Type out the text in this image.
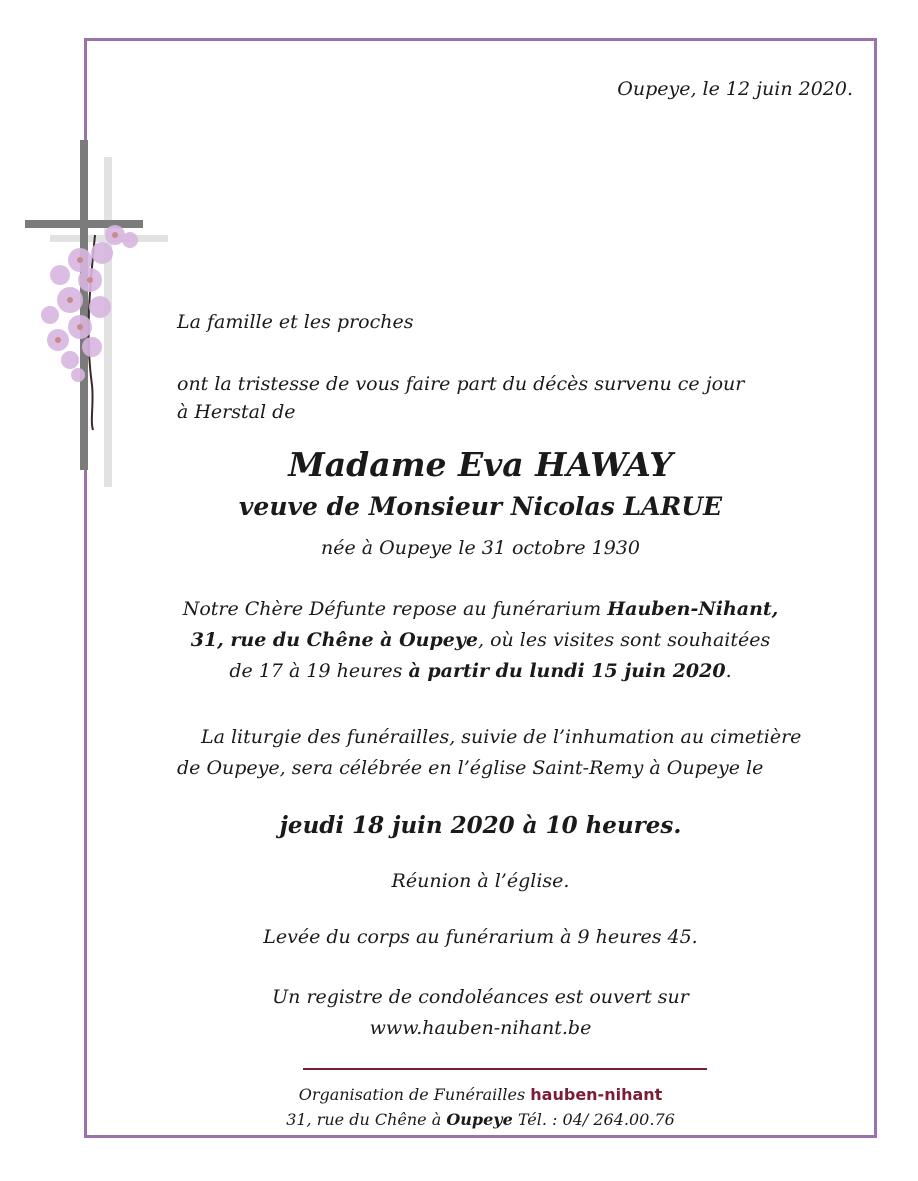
Oupeye, le 12 juin 2020.
La famille et les proches
ont la tristesse de vous faire part du décès survenu ce jour
à Herstal de
Madame Eva HAWAY
veuve de Monsieur Nicolas LARUE
née à Oupeye le 31 octobre 1930
Notre Chère Défunte repose au funérarium Hauben-Nihant,
31, rue du Chêne à Oupeye, où les visites sont souhaitées
de 17 à 19 heures à partir du lundi 15 juin 2020.
La liturgie des funérailles, suivie de l’inhumation au cimetière
de Oupeye, sera célébrée en l’église Saint-Remy à Oupeye le
jeudi 18 juin 2020 à 10 heures.
Réunion à l’église.
Levée du corps au funérarium à 9 heures 45.
Un registre de condoléances est ouvert sur
www.hauben-nihant.be
Organisation de Funérailles hauben-nihant
31, rue du Chêne à Oupeye Tél. : 04/ 264.00.76
